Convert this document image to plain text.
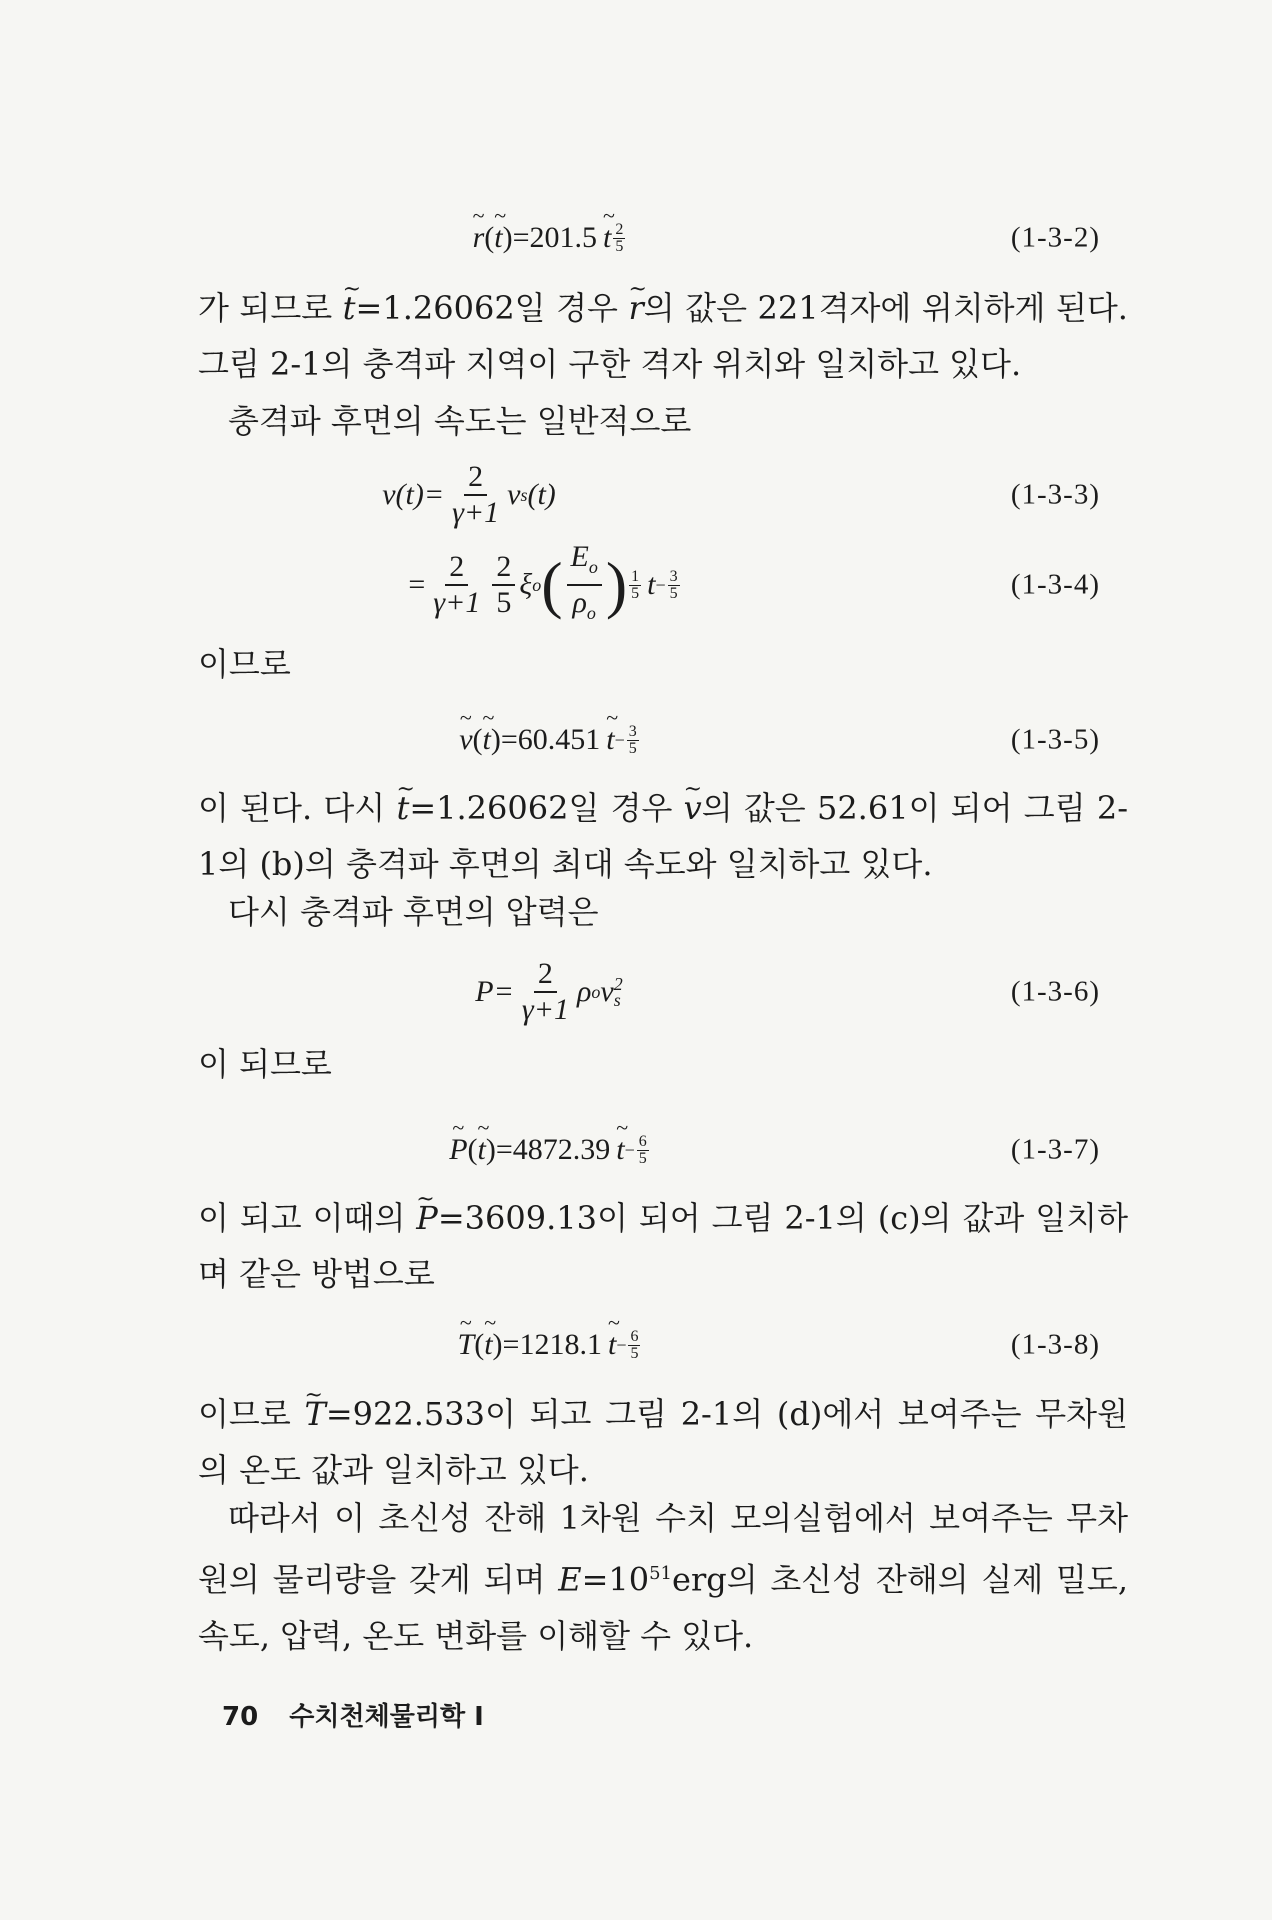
~ r ( ~ t ) =201.5 ~ t 2
5	(1-3-2)

가 되므로 ~ t=1.26062일 경우 ~ r의 값은 221격자에 위치하게 된다. 그림 2-1의 충격파 지역이 구한 격자 위치와 일치하고 있다.

충격파 후면의 속도는 일반적으로

$v(t)= \frac{2}{\gamma+1}$ v s (t)	(1-3-3)
= $\frac{2}{\gamma+1} \frac{2}{5}$ ξ o ( $\frac{E_o}{\rho_o}$ ) 1
5 $t - \frac{3}{5}$	(1-3-4)

이므로

~ v ( ~ t ) =60.451 ~ $t - \frac{3}{5}$	(1-3-5)

이 된다. 다시 ~ t=1.26062일 경우 ~ v의 값은 52.61이 되어 그림 2-1의 (b)의 충격파 후면의 최대 속도와 일치하고 있다.

다시 충격파 후면의 압력은

$P= \frac{2}{\gamma+1}$ ρ o v 2
s	(1-3-6)

이 되므로

~ P ( ~ t ) =4872.39 ~ $t - \frac{6}{5}$	(1-3-7)

이 되고 이때의 ~ P=3609.13이 되어 그림 2-1의 (c)의 값과 일치하며 같은 방법으로

~ T ( ~ t ) =1218.1 ~ $t - \frac{6}{5}$	(1-3-8)

이므로 ~ T=922.533이 되고 그림 2-1의 (d)에서 보여주는 무차원의 온도 값과 일치하고 있다.

따라서 이 초신성 잔해 1차원 수치 모의실험에서 보여주는 무차원의 물리량을 갖게 되며 $E=10^{51}erg$의 초신성 잔해의 실제 밀도, 속도, 압력, 온도 변화를 이해할 수 있다.

70 수치천체물리학 I
